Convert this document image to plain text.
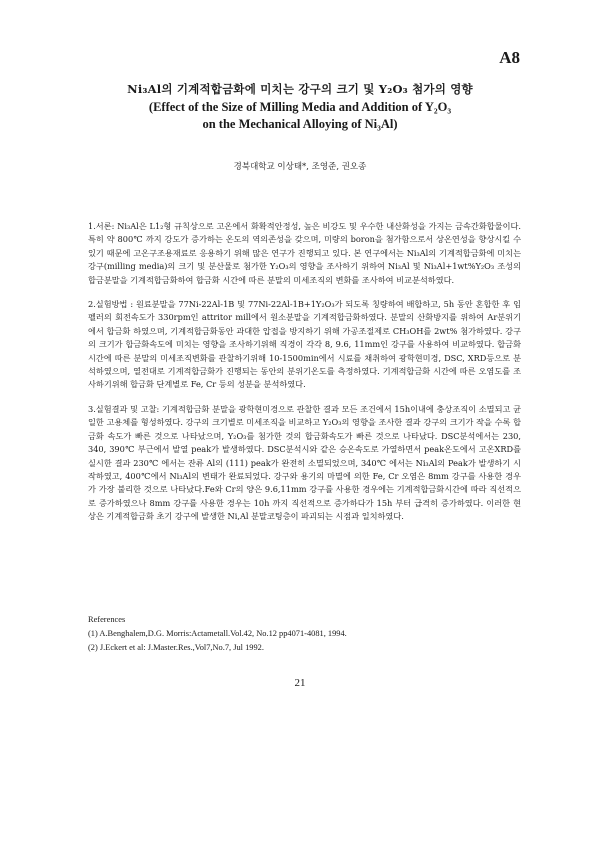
A8
Ni₃Al의 기계적합금화에 미치는 강구의 크기 및 Y₂O₃ 첨가의 영향
(Effect of the Size of Milling Media and Addition of Y₂O₃
on the Mechanical Alloying of Ni₃Al)
경북대학교 이상태*, 조영준, 권오종

1.서론: Ni₃Al은 L1₂형 규칙상으로 고온에서 화확적안정성, 높은 비강도 및 우수한 내산화성을 가지는 금속간화합물이다. 특히 약 800℃ 까지 강도가 증가하는 온도의 역의존성을 갖으며, 미량의 boron을 첨가함으로서 상온연성을 향상시킬 수 있기 때문에 고온구조용재료로 응용하기 위해 많은 연구가 진행되고 있다. 본 연구에서는 Ni₃Al의 기계적합금화에 미치는 강구(milling media)의 크기 및 분산물로 첨가한 Y₂O₃의 영향을 조사하기 위하여 Ni₃Al 및 Ni₃Al+1wt%Y₂O₃ 조성의 합금분말을 기계적합금화하여 합금화 시간에 따른 분말의 미세조직의 변화를 조사하여 비교분석하였다.

2.실험방법 : 원료분말을 77Ni-22Al-1B 및 77Ni-22Al-1B+1Y₂O₃가 되도록 칭량하여 배합하고, 5h 동안 혼합한 후 임펠러의 회전속도가 330rpm인 attritor mill에서 원소분말을 기계적합금화하였다. 분말의 산화방지를 위하여 Ar분위기에서 합금화 하였으며, 기계적합금화동안 과대한 압접을 방지하기 위해 가공조절제로 CH₃OH를 2wt% 첨가하였다. 강구의 크기가 합금화속도에 미치는 영향을 조사하기위해 직경이 각각 8, 9.6, 11mm인 강구를 사용하여 비교하였다. 합금화시간에 따른 분말의 미세조직변화를 관찰하기위해 10-1500min에서 시료를 채취하여 광학현미경, DSC, XRD등으로 분석하였으며, 열전대로 기계적합금화가 진행되는 동안의 분위기온도를 측정하였다. 기계적합금화 시간에 따른 오염도를 조사하기위해 합금화 단계별로 Fe, Cr 등의 성분을 분석하였다.

3.실험결과 및 고찰: 기계적합금화 분말을 광학현미경으로 관찰한 결과 모든 조건에서 15h이내에 충상조직이 소멸되고 균일한 고용체를 형성하였다. 강구의 크기별로 미세조직을 비교하고 Y₂O₃의 영향을 조사한 결과 강구의 크기가 작을 수록 합금화 속도가 빠른 것으로 나타났으며, Y₂O₃를 첨가한 것의 합금화속도가 빠른 것으로 나타났다. DSC분석에서는 230, 340, 390℃ 부근에서 발열 peak가 발생하였다. DSC분석시와 같은 승온속도로 가열하면서 peak온도에서 고온XRD를 실시한 결과 230℃ 에서는 잔류 Al의 (111) peak가 완전히 소멸되었으며, 340℃ 에서는 Ni₃Al의 Peak가 발생하기 시작하였고, 400℃에서 Ni₃Al의 변태가 완료되었다. 강구와 용기의 마멸에 의한 Fe, Cr 오염은 8mm 강구를 사용한 경우가 가장 불리한 것으로 나타났다.Fe와 Cr의 양은 9.6,11mm 강구를 사용한 경우에는 기계적합금화시간에 따라 직선적으로 증가하였으나 8mm 강구를 사용한 경우는 10h 까지 직선적으로 증가하다가 15h 부터 급격히 증가하였다. 이러한 현상은 기계적합금화 초기 강구에 발생한 Ni,Al 분말코팅층이 파괴되는 시점과 일치하였다.

References
(1) A.Benghalem,D.G. Morris:Actametall.Vol.42, No.12 pp4071-4081, 1994.
(2) J.Eckert et al: J.Master.Res.,Vol7,No.7, Jul 1992.
21
